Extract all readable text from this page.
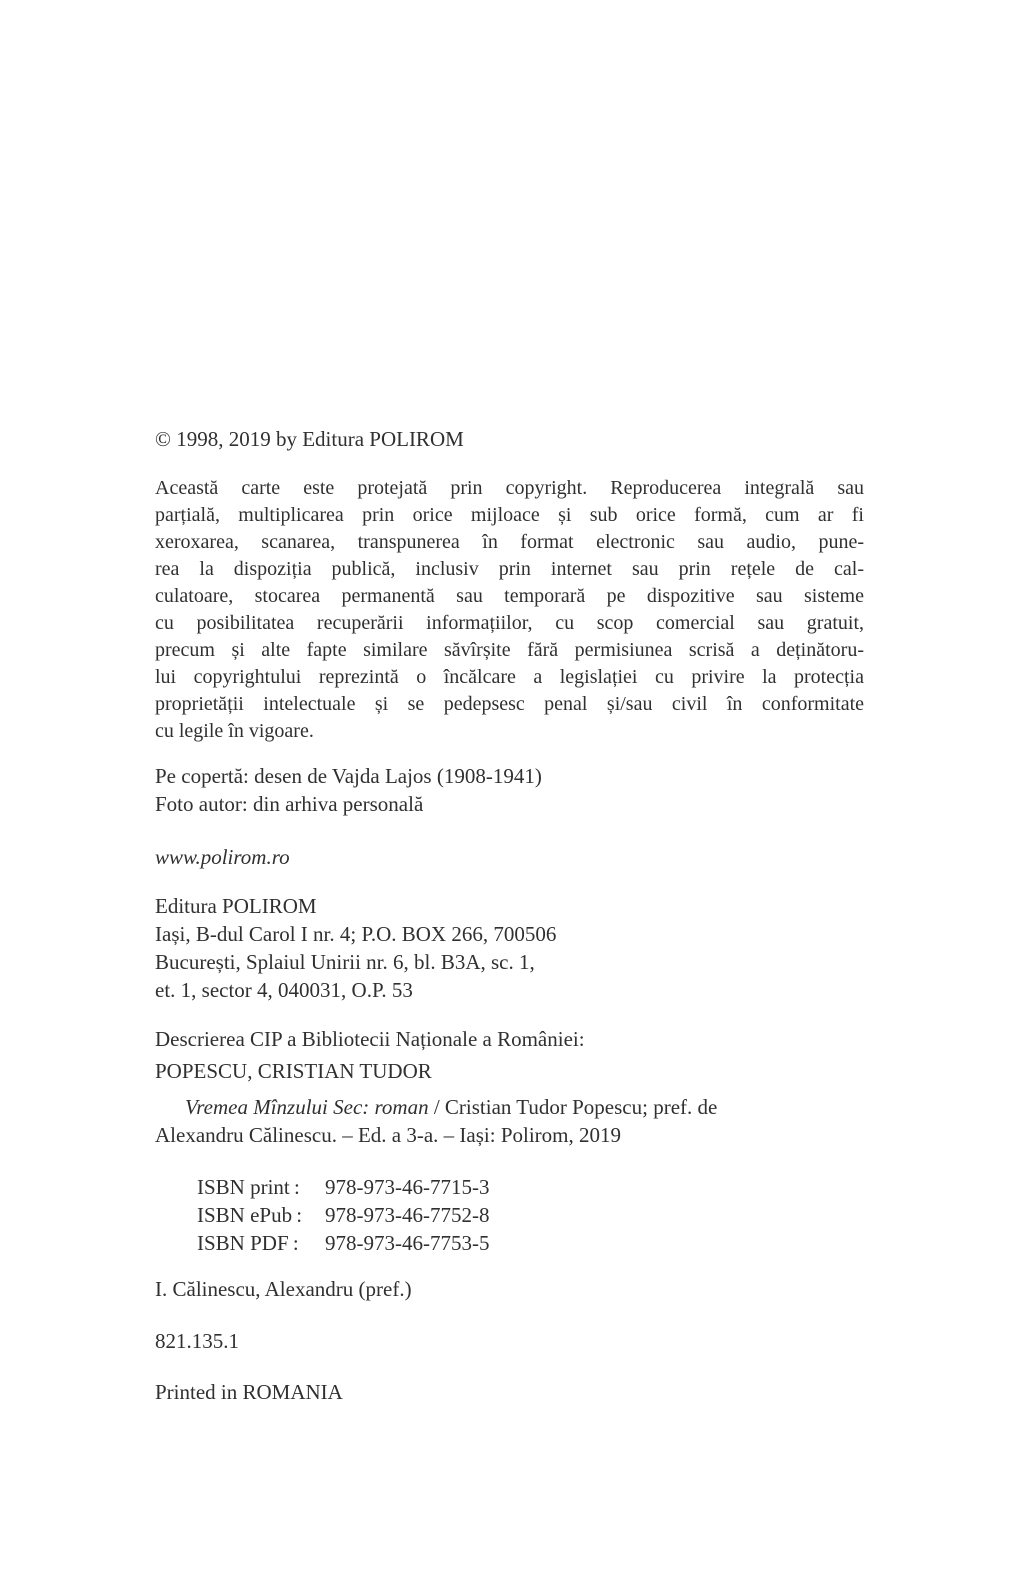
© 1998, 2019 by Editura POLIROM
Această carte este protejată prin copyright. Reproducerea integrală sau
parțială, multiplicarea prin orice mijloace și sub orice formă, cum ar fi
xeroxarea, scanarea, transpunerea în format electronic sau audio, pune-
rea la dispoziția publică, inclusiv prin internet sau prin rețele de cal-
culatoare, stocarea permanentă sau temporară pe dispozitive sau sisteme
cu posibilitatea recuperării informațiilor, cu scop comercial sau gratuit,
precum și alte fapte similare săvîrșite fără permisiunea scrisă a deținătoru-
lui copyrightului reprezintă o încălcare a legislației cu privire la protecția
proprietății intelectuale și se pedepsesc penal și/sau civil în conformitate
cu legile în vigoare.
Pe copertă: desen de Vajda Lajos (1908-1941)
Foto autor: din arhiva personală
www.polirom.ro
Editura POLIROM
Iași, B-dul Carol I nr. 4; P.O. BOX 266, 700506
București, Splaiul Unirii nr. 6, bl. B3A, sc. 1,
et. 1, sector 4, 040031, O.P. 53
Descrierea CIP a Bibliotecii Naționale a României:
POPESCU, CRISTIAN TUDOR
Vremea Mînzului Sec: roman / Cristian Tudor Popescu; pref. de
Alexandru Călinescu. – Ed. a 3-a. – Iași: Polirom, 2019
ISBN print : 978-973-46-7715-3
ISBN ePub : 978-973-46-7752-8
ISBN PDF : 978-973-46-7753-5
I. Călinescu, Alexandru (pref.)
821.135.1
Printed in ROMANIA
